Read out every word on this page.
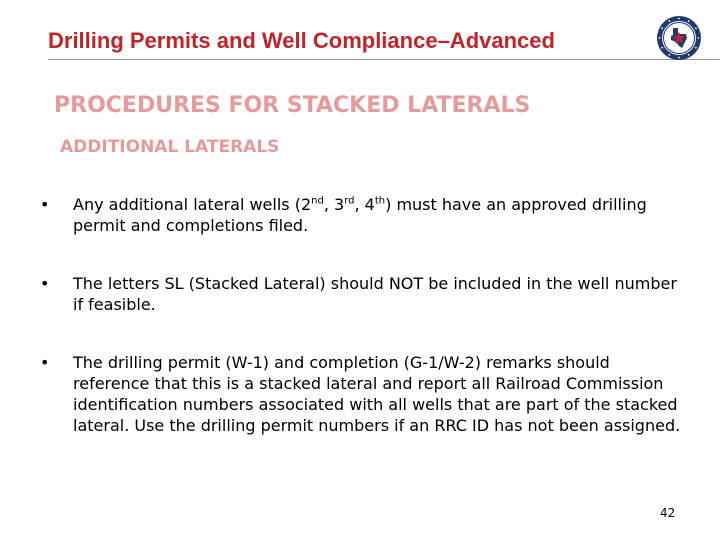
Drilling Permits and Well Compliance–Advanced
PROCEDURES FOR STACKED LATERALS
ADDITIONAL LATERALS
• Any additional lateral wells (2nd, 3rd, 4th) must have an approved drilling permit and completions filed.
• The letters SL (Stacked Lateral) should NOT be included in the well number if feasible.
• The drilling permit (W-1) and completion (G-1/W-2) remarks should reference that this is a stacked lateral and report all Railroad Commission identification numbers associated with all wells that are part of the stacked lateral. Use the drilling permit numbers if an RRC ID has not been assigned.
42
